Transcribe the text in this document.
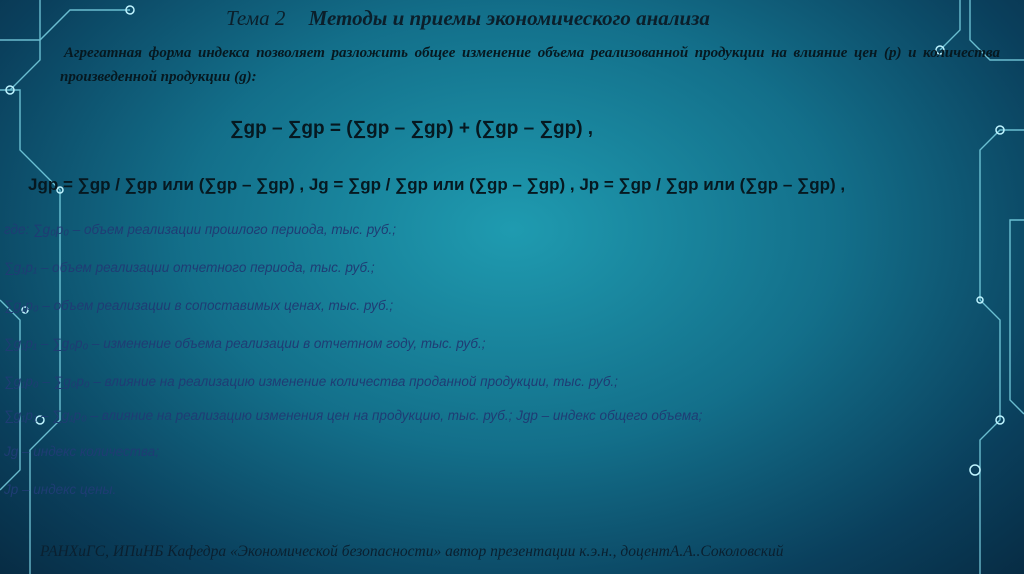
Тема 2 Методы и приемы экономического анализа
Агрегатная форма индекса позволяет разложить общее изменение объема реализованной продукции на влияние цен (p) и количества произведенной продукции (g):
∑gp – ∑gp = (∑gp – ∑gp) + (∑gp – ∑gp) ,
Jgp = ∑gp / ∑gp или (∑gp – ∑gp) , Jg = ∑gp / ∑gp или (∑gp – ∑gp) , Jp = ∑gp / ∑gp или (∑gp – ∑gp) ,
где: ∑g₀p₀ – объем реализации прошлого периода, тыс. руб.;
∑g₁p₁ – объем реализации отчетного периода, тыс. руб.;
∑g₁p₀ – объем реализации в сопоставимых ценах, тыс. руб.;
∑g₁p₁ – ∑g₀p₀ – изменение объема реализации в отчетном году, тыс. руб.;
∑g₁p₀ – ∑g₀p₀ – влияние на реализацию изменение количества проданной продукции, тыс. руб.;
∑g₁p₁ – ∑g₁p₀ – влияние на реализацию изменения цен на продукцию, тыс. руб.; Jgp – индекс общего объема;
Jg – индекс количества;
Jp – индекс цены.
РАНХиГС, ИПиНБ Кафедра «Экономической безопасности» автор презентации к.э.н., доцентА.А..Соколовский
